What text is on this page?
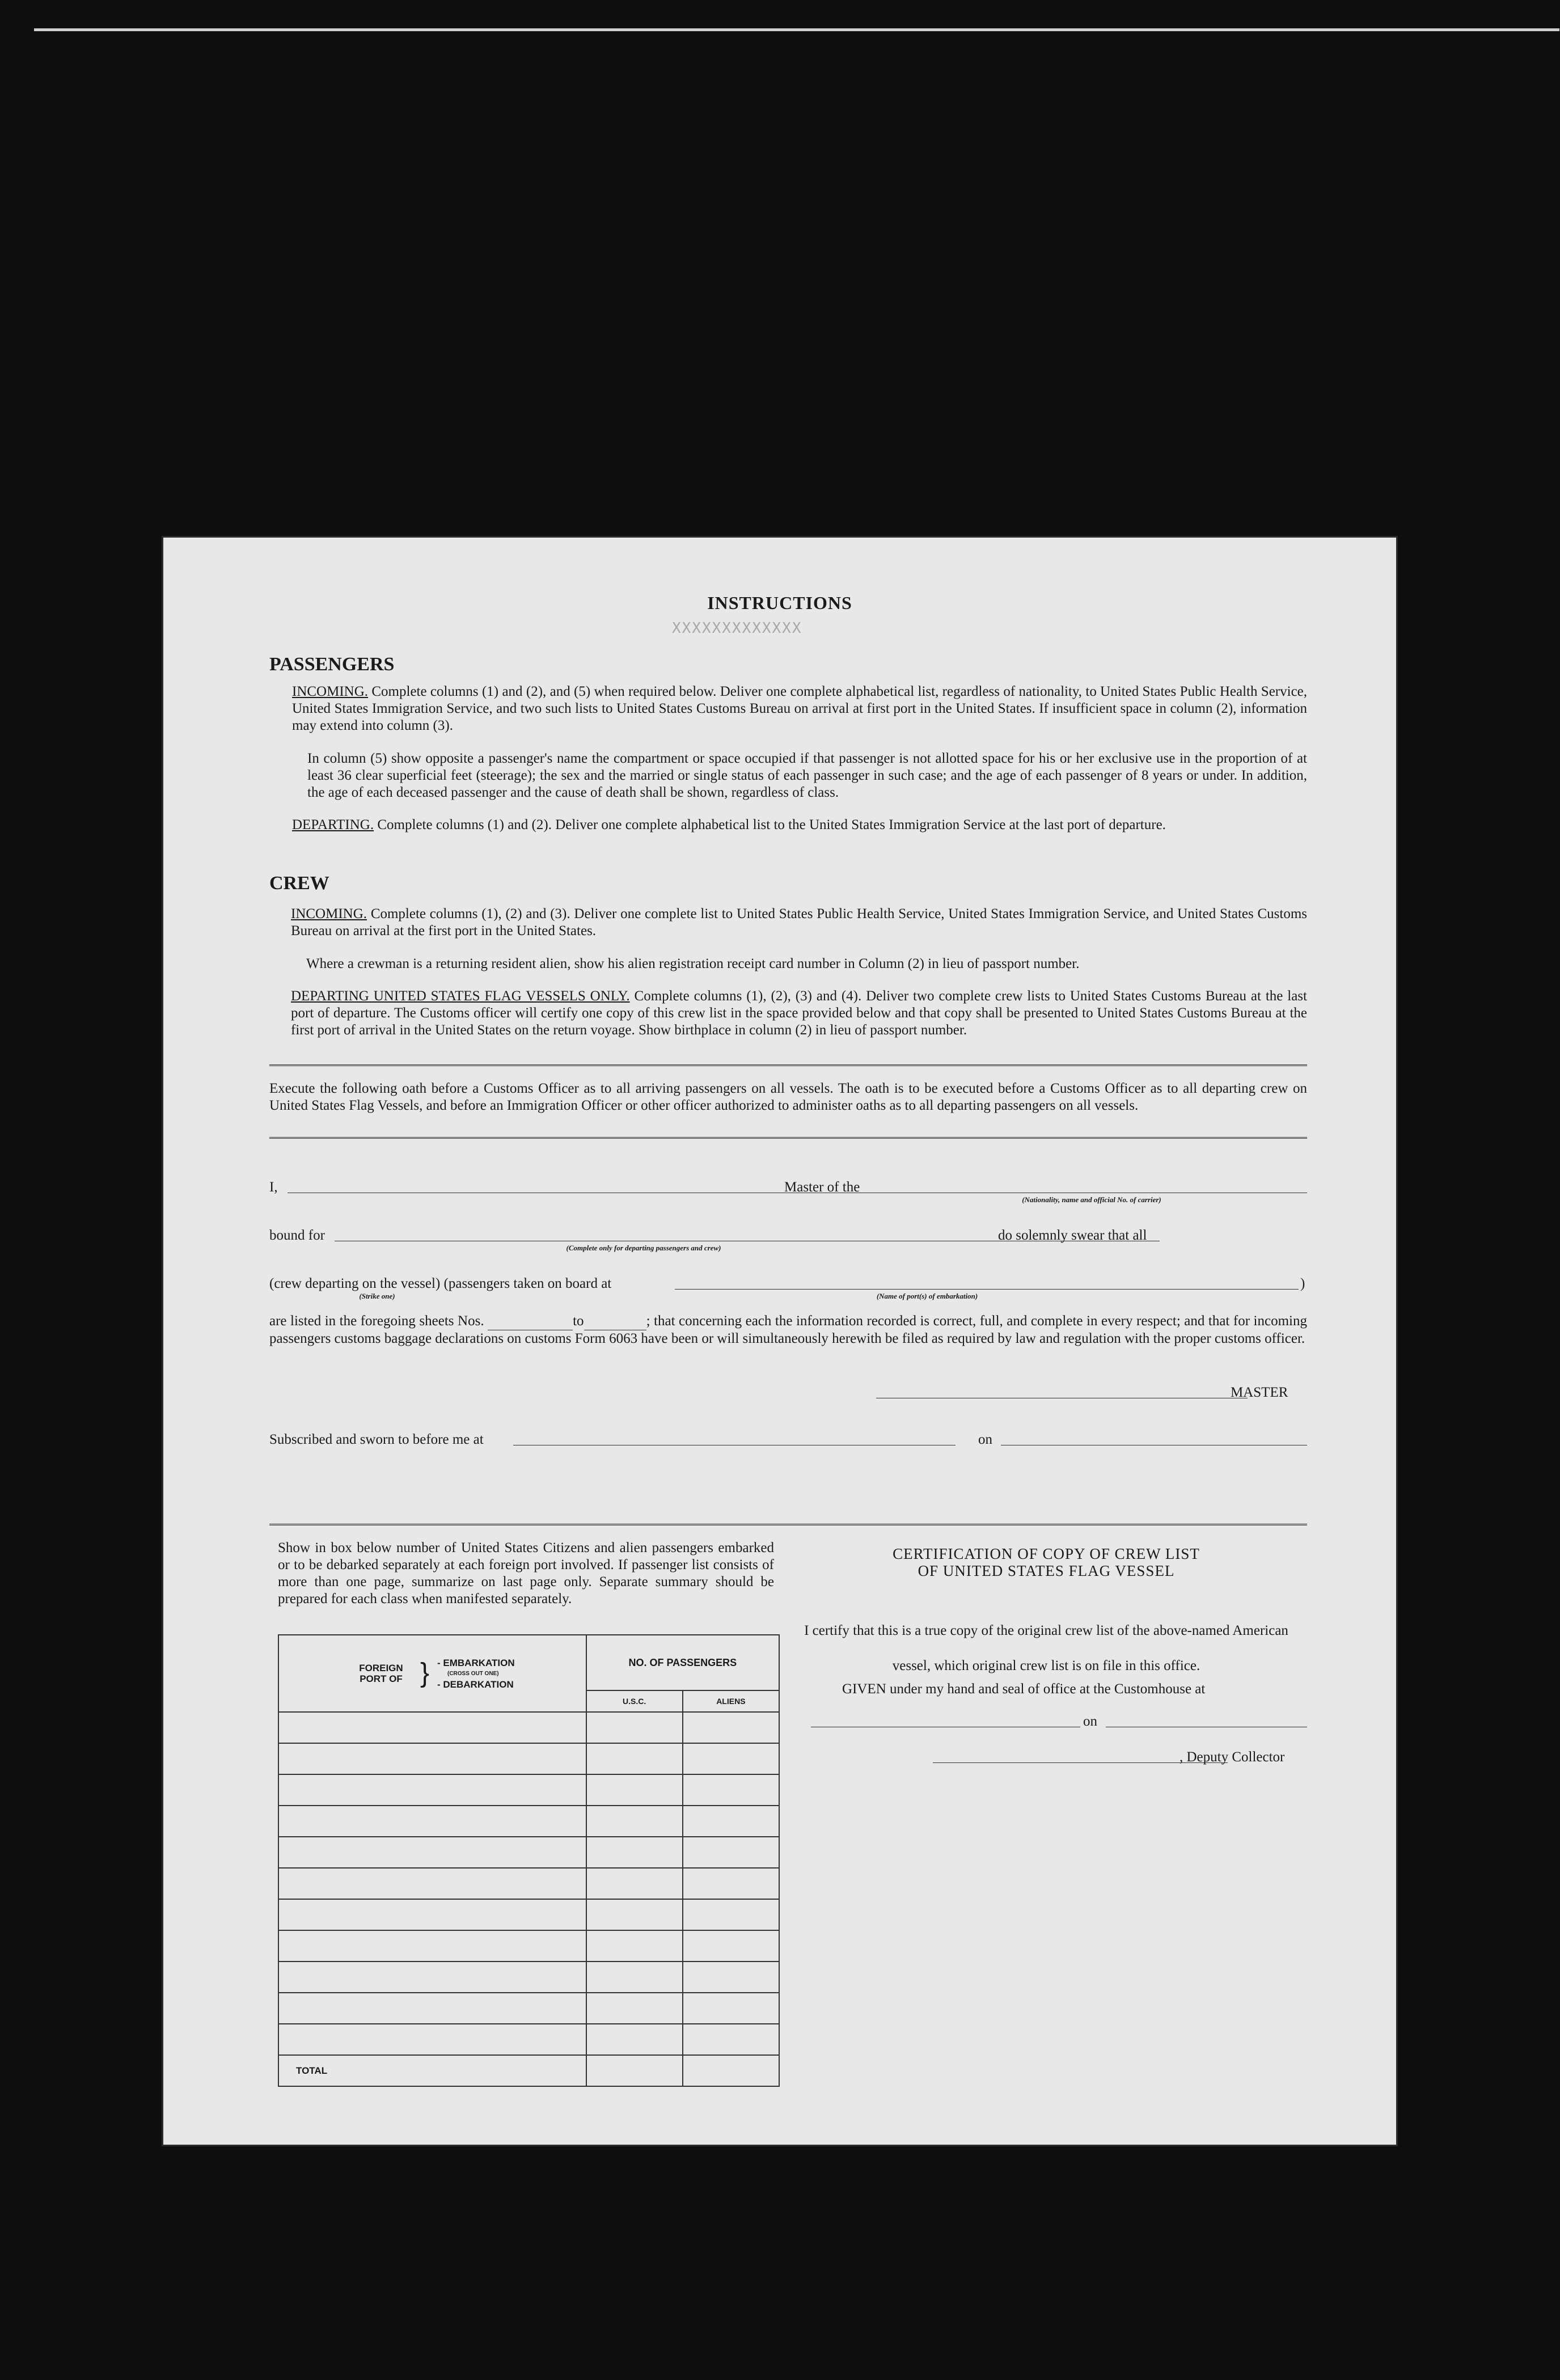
INSTRUCTIONS
XXXXXXXXXXXXX
PASSENGERS
INCOMING. Complete columns (1) and (2), and (5) when required below. Deliver one complete alphabetical list, regardless of nationality, to United States Public Health Service, United States Immigration Service, and two such lists to United States Customs Bureau on arrival at first port in the United States. If insufficient space in column (2), information may extend into column (3).
In column (5) show opposite a passenger's name the compartment or space occupied if that passenger is not allotted space for his or her exclusive use in the proportion of at least 36 clear superficial feet (steerage); the sex and the married or single status of each passenger in such case; and the age of each passenger of 8 years or under. In addition, the age of each deceased passenger and the cause of death shall be shown, regardless of class.
DEPARTING. Complete columns (1) and (2). Deliver one complete alphabetical list to the United States Immigration Service at the last port of departure.
CREW
INCOMING. Complete columns (1), (2) and (3). Deliver one complete list to United States Public Health Service, United States Immigration Service, and United States Customs Bureau on arrival at the first port in the United States.
Where a crewman is a returning resident alien, show his alien registration receipt card number in Column (2) in lieu of passport number.
DEPARTING UNITED STATES FLAG VESSELS ONLY. Complete columns (1), (2), (3) and (4). Deliver two complete crew lists to United States Customs Bureau at the last port of departure. The Customs officer will certify one copy of this crew list in the space provided below and that copy shall be presented to United States Customs Bureau at the first port of arrival in the United States on the return voyage. Show birthplace in column (2) in lieu of passport number.
Execute the following oath before a Customs Officer as to all arriving passengers on all vessels. The oath is to be executed before a Customs Officer as to all departing crew on United States Flag Vessels, and before an Immigration Officer or other officer authorized to administer oaths as to all departing passengers on all vessels.
I,	Master of the
(Nationality, name and official No. of carrier)
bound for
(Complete only for departing passengers and crew)
do solemnly swear that all
(crew departing on the vessel) (passengers taken on board at	)
(Strike one)	(Name of port(s) of embarkation)
are listed in the foregoing sheets Nos.	to	; that concerning each the information recorded is correct, full, and complete in every respect; and that for incoming passengers customs baggage declarations on customs Form 6063 have been or will simultaneously herewith be filed as required by law and regulation with the proper customs officer.
MASTER
Subscribed and sworn to before me at	on
Show in box below number of United States Citizens and alien passengers embarked or to be debarked separately at each foreign port involved. If passenger list consists of more than one page, summarize on last page only. Separate summary should be prepared for each class when manifested separately.
FOREIGN PORT OF } - EMBARKATION
(CROSS OUT ONE)
- DEBARKATION	NO. OF PASSENGERS	
	U.S.C.	ALIENS

TOTAL		
CERTIFICATION OF COPY OF CREW LIST
OF UNITED STATES FLAG VESSEL
I certify that this is a true copy of the original crew list of the above-named American vessel, which original crew list is on file in this office.
GIVEN under my hand and seal of office at the Customhouse at
on
, Deputy Collector
